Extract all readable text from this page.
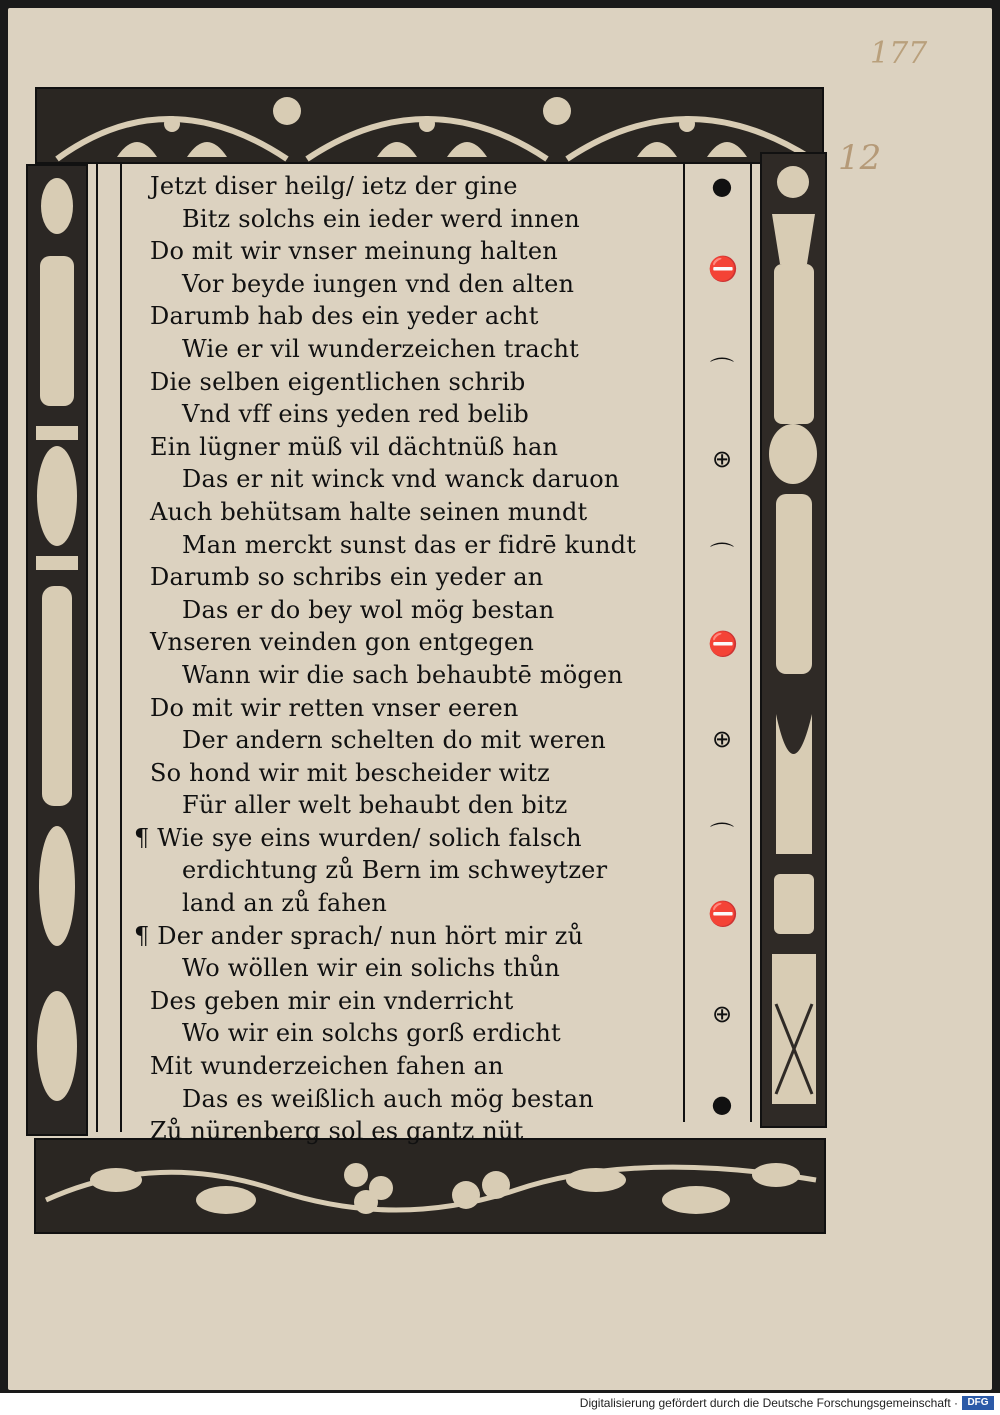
177
12
Jetzt diser heilg/ ietz der gine
Bitz solchs ein ieder werd innen
Do mit wir vnser meinung halten
Vor beyde iungen vnd den alten
Darumb hab des ein yeder acht
Wie er vil wunderzeichen tracht
Die selben eigentlichen schrib
Vnd vff eins yeden red belib
Ein lügner müß vil dächtnüß han
Das er nit winck vnd wanck daruon
Auch behütsam halte seinen mundt
Man merckt sunst das er fidrē kundt
Darumb so schribs ein yeder an
Das er do bey wol mög bestan
Vnseren veinden gon entgegen
Wann wir die sach behaubtē mögen
Do mit wir retten vnser eeren
Der andern schelten do mit weren
So hond wir mit bescheider witz
Für aller welt behaubt den bitz
¶ Wie sye eins wurden/ solich falsch
erdichtung zů Bern im schweytzer
land an zů fahen
¶ Der ander sprach/ nun hört mir zů
Wo wöllen wir ein solichs thůn
Des geben mir ein vnderricht
Wo wir ein solchs gorß erdicht
Mit wunderzeichen fahen an
Das es weißlich auch mög bestan
Zů nürenberg sol es gantz nüt
●
⛔
⌒
⊕
⌒
⛔
⊕
⌒
⛔
⊕
●
Digitalisierung gefördert durch die Deutsche Forschungsgemeinschaft · DFG
